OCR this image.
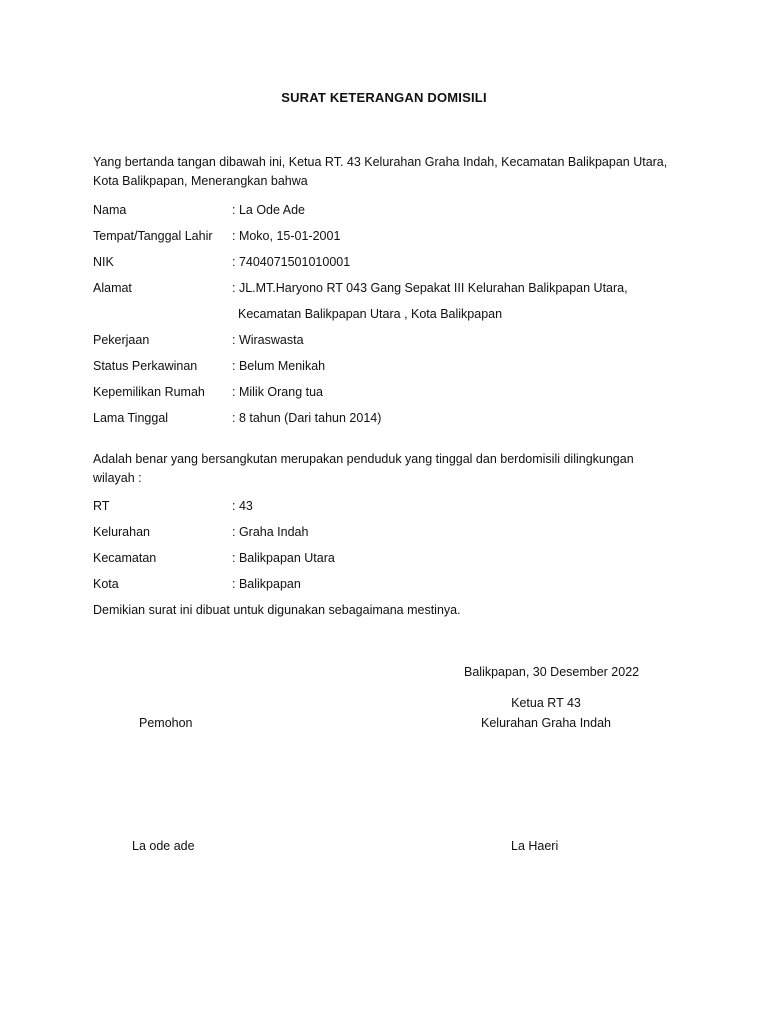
SURAT KETERANGAN DOMISILI
Yang bertanda tangan dibawah ini, Ketua RT. 43 Kelurahan Graha Indah, Kecamatan Balikpapan Utara, Kota Balikpapan, Menerangkan bahwa
Nama	: La Ode Ade
Tempat/Tanggal Lahir : Moko, 15-01-2001
NIK	: 7404071501010001
Alamat	: JL.MT.Haryono RT 043 Gang Sepakat III Kelurahan Balikpapan Utara,
Kecamatan Balikpapan Utara , Kota Balikpapan
Pekerjaan	: Wiraswasta
Status Perkawinan	: Belum Menikah
Kepemilikan Rumah : Milik Orang tua
Lama Tinggal	: 8 tahun (Dari tahun 2014)
Adalah benar yang bersangkutan merupakan penduduk yang tinggal dan berdomisili dilingkungan wilayah :
RT	: 43
Kelurahan	: Graha Indah
Kecamatan	: Balikpapan Utara
Kota	: Balikpapan
Demikian surat ini dibuat untuk digunakan sebagaimana mestinya.
Balikpapan, 30 Desember 2022
Ketua RT 43
Kelurahan Graha Indah
Pemohon
La ode ade	La Haeri
